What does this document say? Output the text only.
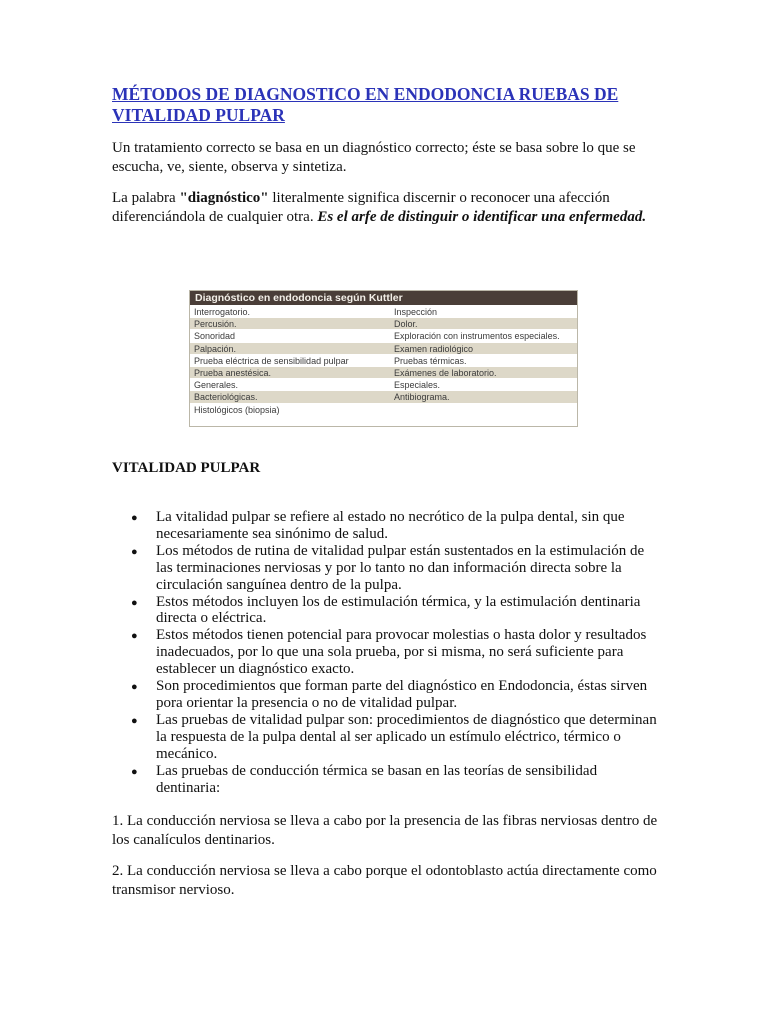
MÉTODOS DE DIAGNOSTICO EN ENDODONCIA RUEBAS DE VITALIDAD PULPAR

Un tratamiento correcto se basa en un diagnóstico correcto; éste se basa sobre lo que se escucha, ve, siente, observa y sintetiza.

La palabra "diagnóstico" literalmente significa discernir o reconocer una afección diferenciándola de cualquier otra. Es el arfe de distinguir o identificar una enfermedad.

Diagnóstico en endodoncia según Kuttler
Interrogatorio.	Inspección
Percusión.	Dolor.
Sonoridad	Exploración con instrumentos especiales.
Palpación.	Examen radiológico
Prueba eléctrica de sensibilidad pulpar	Pruebas térmicas.
Prueba anestésica.	Exámenes de laboratorio.
Generales.	Especiales.
Bacteriológicas.	Antibiograma.
Histológicos (biopsia)
VITALIDAD PULPAR
● La vitalidad pulpar se refiere al estado no necrótico de la pulpa dental, sin que necesariamente sea sinónimo de salud.
● Los métodos de rutina de vitalidad pulpar están sustentados en la estimulación de las terminaciones nerviosas y por lo tanto no dan información directa sobre la circulación sanguínea dentro de la pulpa.
● Estos métodos incluyen los de estimulación térmica, y la estimulación dentinaria directa o eléctrica.
● Estos métodos tienen potencial para provocar molestias o hasta dolor y resultados inadecuados, por lo que una sola prueba, por si misma, no será suficiente para establecer un diagnóstico exacto.
● Son procedimientos que forman parte del diagnóstico en Endodoncia, éstas sirven pora orientar la presencia o no de vitalidad pulpar.
● Las pruebas de vitalidad pulpar son: procedimientos de diagnóstico que determinan la respuesta de la pulpa dental al ser aplicado un estímulo eléctrico, térmico o mecánico.
● Las pruebas de conducción térmica se basan en las teorías de sensibilidad dentinaria:

1. La conducción nerviosa se lleva a cabo por la presencia de las fibras nerviosas dentro de los canalículos dentinarios.

2. La conducción nerviosa se lleva a cabo porque el odontoblasto actúa directamente como transmisor nervioso.
